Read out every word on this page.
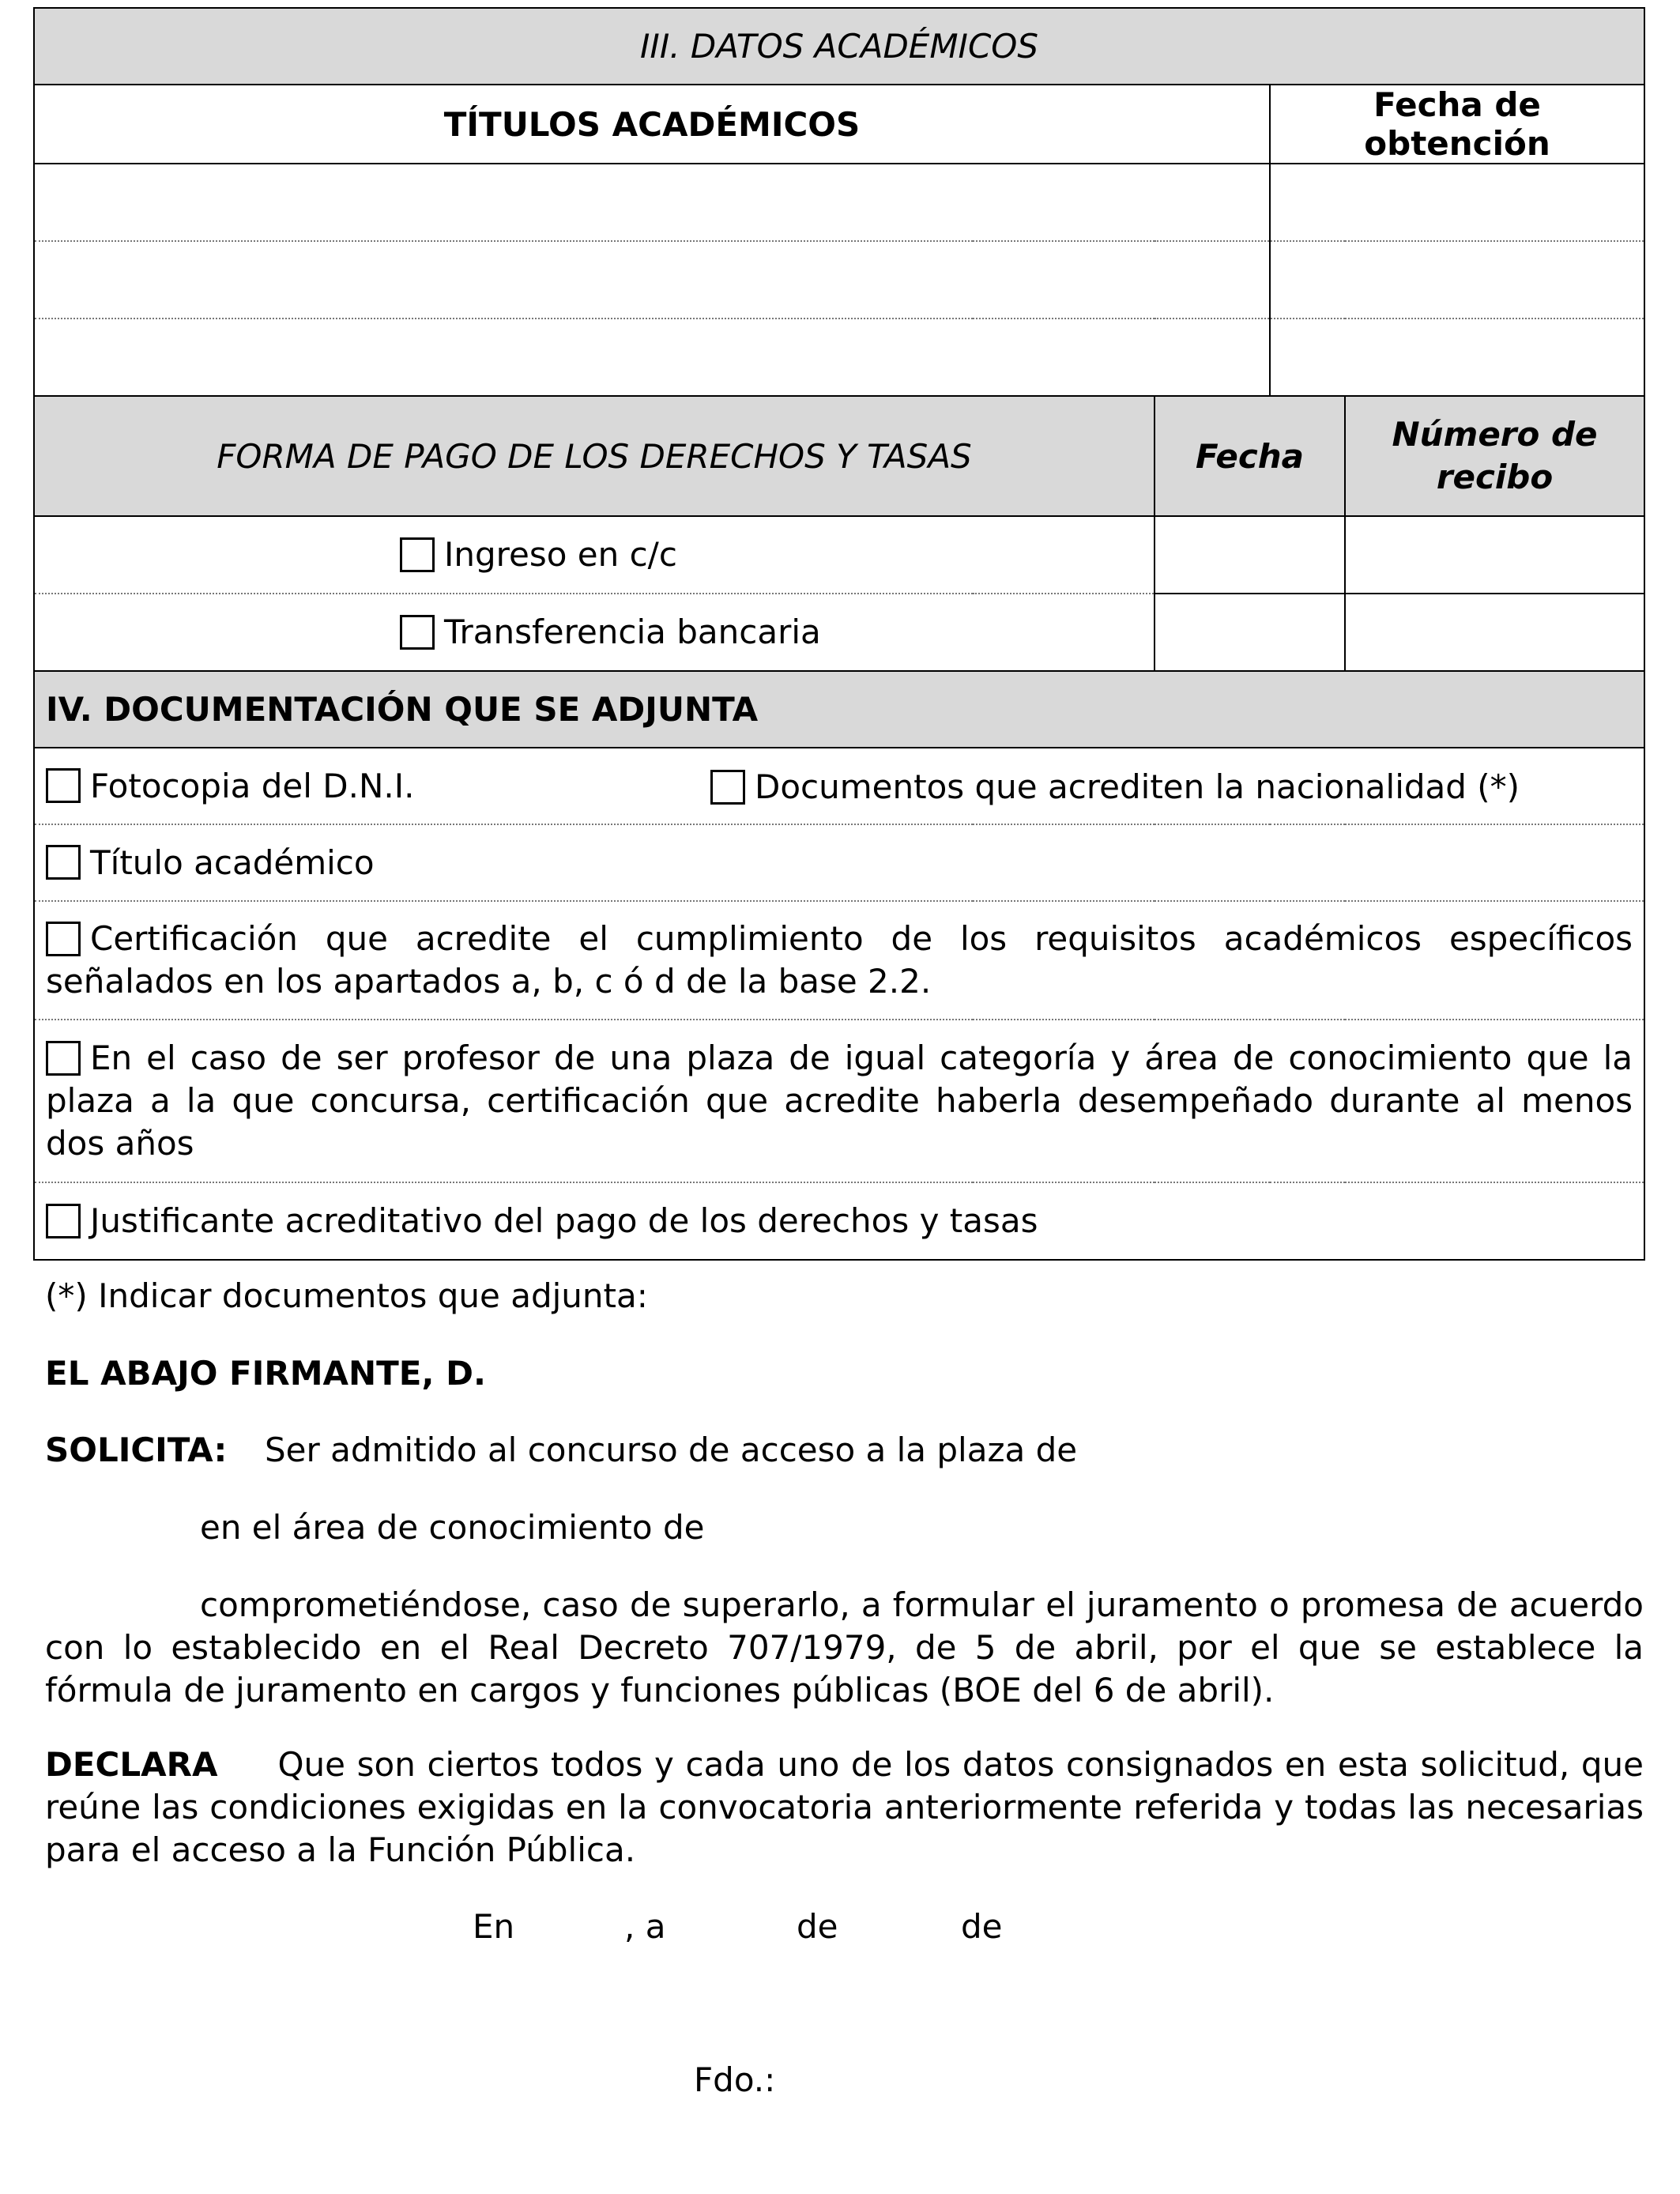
III. DATOS ACADÉMICOS			
TÍTULOS ACADÉMICOS		Fecha de obtención	

FORMA DE PAGO DE LOS DERECHOS Y TASAS	Fecha		Número de recibo
Ingreso en c/c			
Transferencia bancaria			
IV. DOCUMENTACIÓN QUE SE ADJUNTA			
Fotocopia del D.N.I. Documentos que acrediten la nacionalidad (*)			

Título académico			
Certificación que acredite el cumplimiento de los requisitos académicos específicos señalados en los apartados a, b, c ó d de la base 2.2.			
En el caso de ser profesor de una plaza de igual categoría y área de conocimiento que la plaza a la que concursa, certificación que acredite haberla desempeñado durante al menos dos años			
Justificante acreditativo del pago de los derechos y tasas			
(*) Indicar documentos que adjunta:
EL ABAJO FIRMANTE, D.
SOLICITA: Ser admitido al concurso de acceso a la plaza de
en el área de conocimiento de
comprometiéndose, caso de superarlo, a formular el juramento o promesa de acuerdo con lo establecido en el Real Decreto 707/1979, de 5 de abril, por el que se establece la fórmula de juramento en cargos y funciones públicas (BOE del 6 de abril).
DECLARA Que son ciertos todos y cada uno de los datos consignados en esta solicitud, que reúne las condiciones exigidas en la convocatoria anteriormente referida y todas las necesarias para el acceso a la Función Pública.
En	, a	de	de
Fdo.:
